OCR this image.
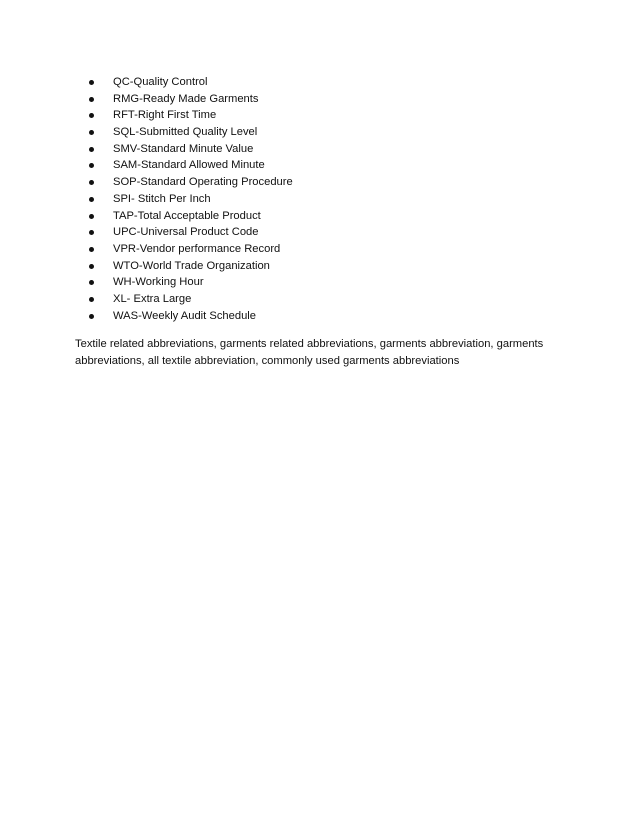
QC-Quality Control
RMG-Ready Made Garments
RFT-Right First Time
SQL-Submitted Quality Level
SMV-Standard Minute Value
SAM-Standard Allowed Minute
SOP-Standard Operating Procedure
SPI- Stitch Per Inch
TAP-Total Acceptable Product
UPC-Universal Product Code
VPR-Vendor performance Record
WTO-World Trade Organization
WH-Working Hour
XL- Extra Large
WAS-Weekly Audit Schedule

Textile related abbreviations, garments related abbreviations, garments abbreviation, garments abbreviations, all textile abbreviation, commonly used garments abbreviations
